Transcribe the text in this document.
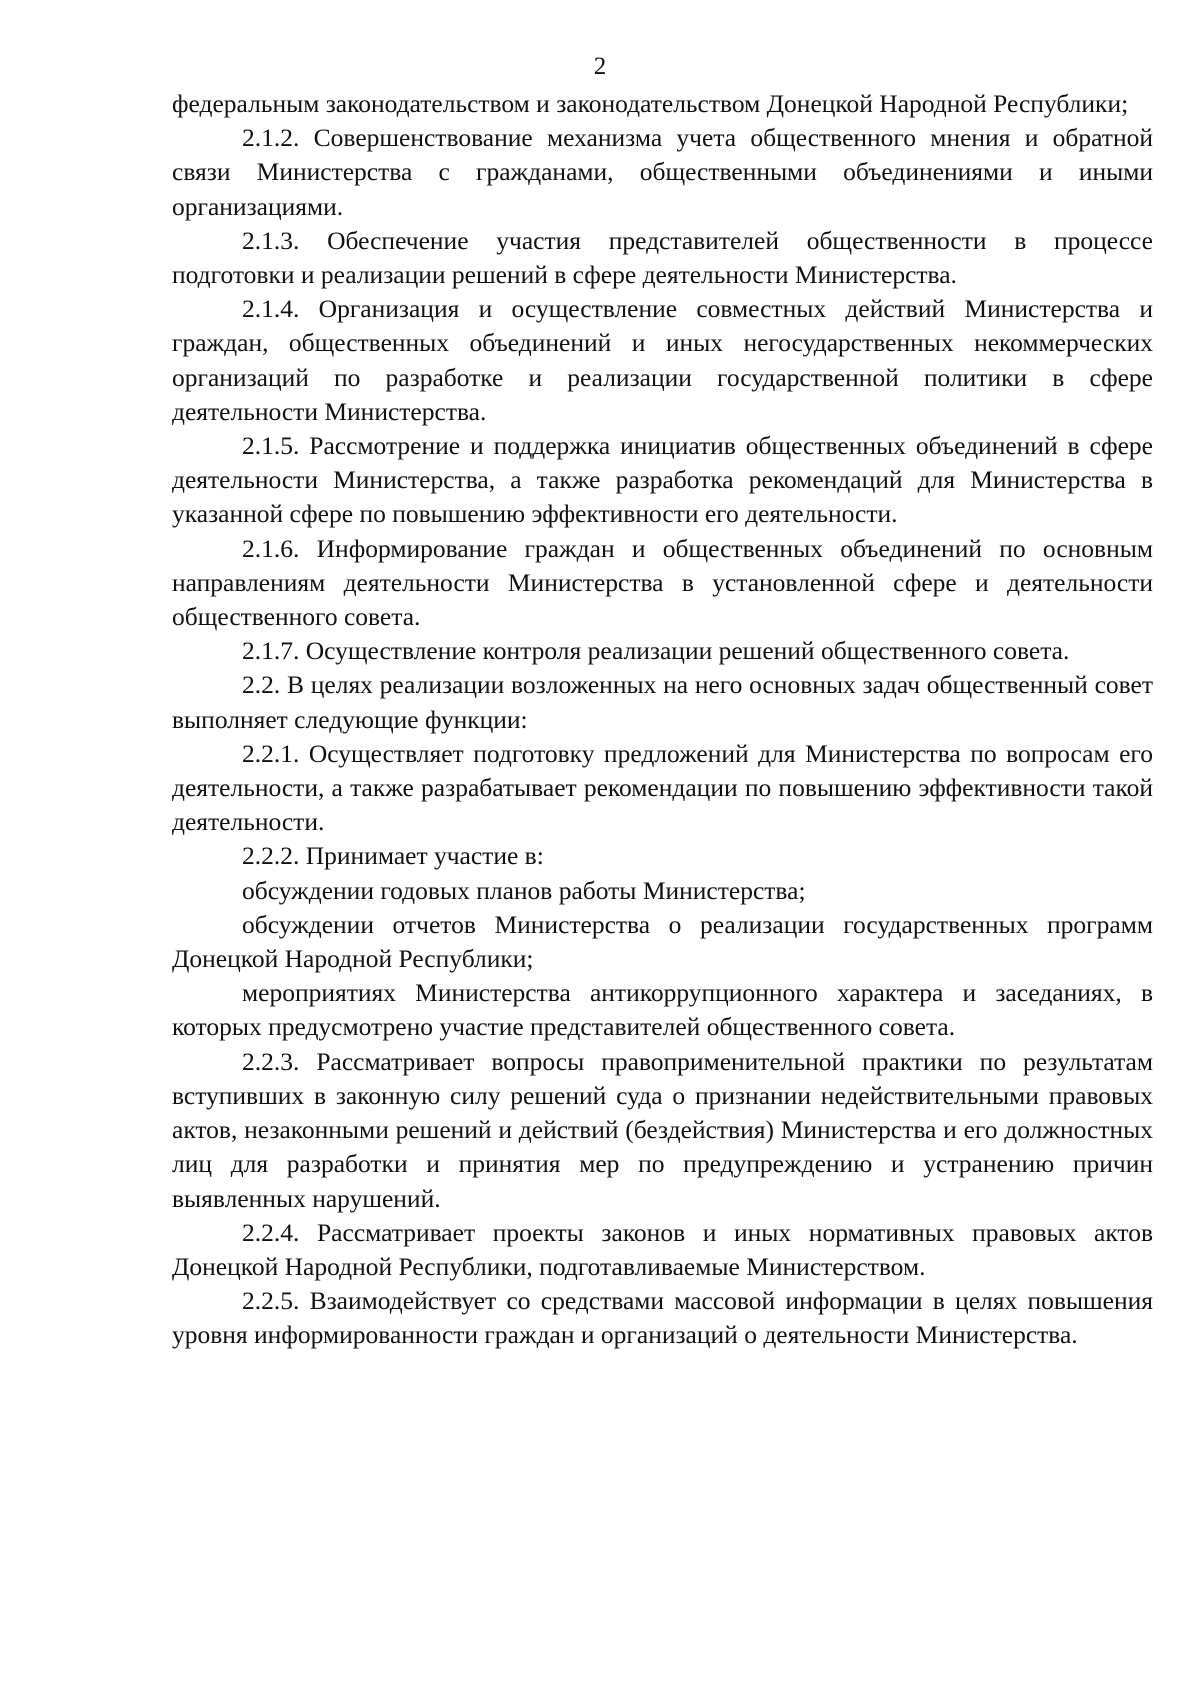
2

федеральным законодательством и законодательством Донецкой Народной Республики;

2.1.2. Совершенствование механизма учета общественного мнения и обратной связи Министерства с гражданами, общественными объединениями и иными организациями.

2.1.3. Обеспечение участия представителей общественности в процессе подготовки и реализации решений в сфере деятельности Министерства.

2.1.4. Организация и осуществление совместных действий Министерства и граждан, общественных объединений и иных негосударственных некоммерческих организаций по разработке и реализации государственной политики в сфере деятельности Министерства.

2.1.5. Рассмотрение и поддержка инициатив общественных объединений в сфере деятельности Министерства, а также разработка рекомендаций для Министерства в указанной сфере по повышению эффективности его деятельности.

2.1.6. Информирование граждан и общественных объединений по основным направлениям деятельности Министерства в установленной сфере и деятельности общественного совета.

2.1.7. Осуществление контроля реализации решений общественного совета.

2.2. В целях реализации возложенных на него основных задач общественный совет выполняет следующие функции:

2.2.1. Осуществляет подготовку предложений для Министерства по вопросам его деятельности, а также разрабатывает рекомендации по повышению эффективности такой деятельности.

2.2.2. Принимает участие в:

обсуждении годовых планов работы Министерства;

обсуждении отчетов Министерства о реализации государственных программ Донецкой Народной Республики;

мероприятиях Министерства антикоррупционного характера и заседаниях, в которых предусмотрено участие представителей общественного совета.

2.2.3. Рассматривает вопросы правоприменительной практики по результатам вступивших в законную силу решений суда о признании недействительными правовых актов, незаконными решений и действий (бездействия) Министерства и его должностных лиц для разработки и принятия мер по предупреждению и устранению причин выявленных нарушений.

2.2.4. Рассматривает проекты законов и иных нормативных правовых актов Донецкой Народной Республики, подготавливаемые Министерством.

2.2.5. Взаимодействует со средствами массовой информации в целях повышения уровня информированности граждан и организаций о деятельности Министерства.
